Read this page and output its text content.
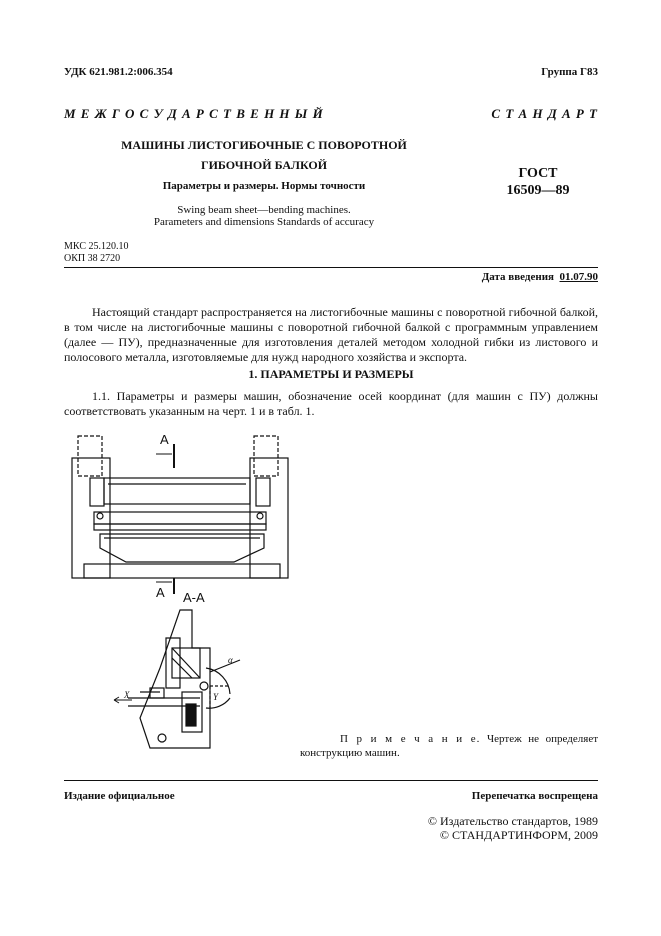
УДК 621.981.2:006.354	Группа Г83
М Е Ж Г О С У Д А Р С Т В Е Н Н Ы Й	С Т А Н Д А Р Т
МАШИНЫ ЛИСТОГИБОЧНЫЕ С ПОВОРОТНОЙ
ГИБОЧНОЙ БАЛКОЙ
Параметры и размеры. Нормы точности
Swing beam sheet—bending machines.
Parameters and dimensions Standards of accuracy
ГОСТ
16509—89
МКС 25.120.10
ОКП 38 2720
Дата введения 01.07.90
Настоящий стандарт распространяется на листогибочные машины с поворотной гибочной балкой, в том числе на листогибочные машины с поворотной гибочной балкой с программным управлением (далее — ПУ), предназначенные для изготовления деталей методом холодной гибки из листового и полосового металла, изготовляемые для нужд народного хозяйства и экспорта.
1. ПАРАМЕТРЫ И РАЗМЕРЫ
1.1. Параметры и размеры машин, обозначение осей координат (для машин с ПУ) должны соответствовать указанным на черт. 1 и в табл. 1.
А
А А-А
X
α
Y
П р и м е ч а н и е. Чертеж не определяет конструкцию машин.
Издание официальное	Перепечатка воспрещена
© Издательство стандартов, 1989
© СТАНДАРТИНФОРМ, 2009
